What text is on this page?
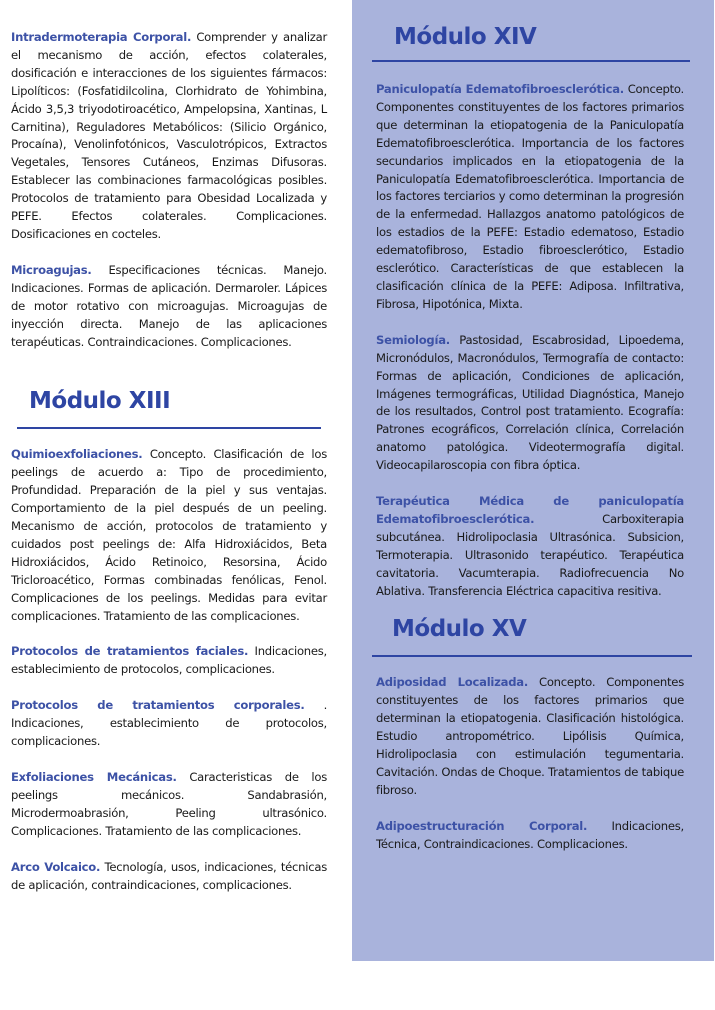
Intradermoterapia Corporal. Comprender y analizar el mecanismo de acción, efectos colaterales, dosificación e interacciones de los siguientes fármacos: Lipolíticos: (Fosfatidilcolina, Clorhidrato de Yohimbina, Ácido 3,5,3 triyodotiroacético, Ampelopsina, Xantinas, L Carnitina), Reguladores Metabólicos: (Silicio Orgánico, Procaína), Venolinfotónicos, Vasculotrópicos, Extractos Vegetales, Tensores Cutáneos, Enzimas Difusoras. Establecer las combinaciones farmacológicas posibles. Protocolos de tratamiento para Obesidad Localizada y PEFE. Efectos colaterales. Complicaciones. Dosificaciones en cocteles.

Microagujas. Especificaciones técnicas. Manejo. Indicaciones. Formas de aplicación. Dermaroler. Lápices de motor rotativo con microagujas. Microagujas de inyección directa. Manejo de las aplicaciones terapéuticas. Contraindicaciones. Complicaciones.

Módulo XIII

Quimioexfoliaciones. Concepto. Clasificación de los peelings de acuerdo a: Tipo de procedimiento, Profundidad. Preparación de la piel y sus ventajas. Comportamiento de la piel después de un peeling. Mecanismo de acción, protocolos de tratamiento y cuidados post peelings de: Alfa Hidroxiácidos, Beta Hidroxiácidos, Ácido Retinoico, Resorsina, Ácido Tricloroacético, Formas combinadas fenólicas, Fenol. Complicaciones de los peelings. Medidas para evitar complicaciones. Tratamiento de las complicaciones.

Protocolos de tratamientos faciales. Indicaciones, establecimiento de protocolos, complicaciones.

Protocolos de tratamientos corporales. . Indicaciones, establecimiento de protocolos, complicaciones.

Exfoliaciones Mecánicas. Caracteristicas de los peelings mecánicos. Sandabrasión, Microdermoabrasión, Peeling ultrasónico. Complicaciones. Tratamiento de las complicaciones.

Arco Volcaico. Tecnología, usos, indicaciones, técnicas de aplicación, contraindicaciones, complicaciones.

Módulo XIV

Paniculopatía Edematofibroesclerótica. Concepto. Componentes constituyentes de los factores primarios que determinan la etiopatogenia de la Paniculopatía Edematofibroesclerótica. Importancia de los factores secundarios implicados en la etiopatogenia de la Paniculopatía Edematofibroesclerótica. Importancia de los factores terciarios y como determinan la progresión de la enfermedad. Hallazgos anatomo patológicos de los estadios de la PEFE: Estadio edematoso, Estadio edematofibroso, Estadio fibroesclerótico, Estadio esclerótico. Características de que establecen la clasificación clínica de la PEFE: Adiposa. Infiltrativa, Fibrosa, Hipotónica, Mixta.

Semiología. Pastosidad, Escabrosidad, Lipoedema, Micronódulos, Macronódulos, Termografía de contacto: Formas de aplicación, Condiciones de aplicación, Imágenes termográficas, Utilidad Diagnóstica, Manejo de los resultados, Control post tratamiento. Ecografía: Patrones ecográficos, Correlación clínica, Correlación anatomo patológica. Videotermografía digital. Videocapilaroscopia con fibra óptica.

Terapéutica Médica de paniculopatía Edematofibroesclerótica. Carboxiterapia subcutánea. Hidrolipoclasia Ultrasónica. Subsicion, Termoterapia. Ultrasonido terapéutico. Terapéutica cavitatoria. Vacumterapia. Radiofrecuencia No Ablativa. Transferencia Eléctrica capacitiva resitiva.

Módulo XV

Adiposidad Localizada. Concepto. Componentes constituyentes de los factores primarios que determinan la etiopatogenia. Clasificación histológica. Estudio antropométrico. Lipólisis Química, Hidrolipoclasia con estimulación tegumentaria. Cavitación. Ondas de Choque. Tratamientos de tabique fibroso.

Adipoestructuración Corporal. Indicaciones, Técnica, Contraindicaciones. Complicaciones.
